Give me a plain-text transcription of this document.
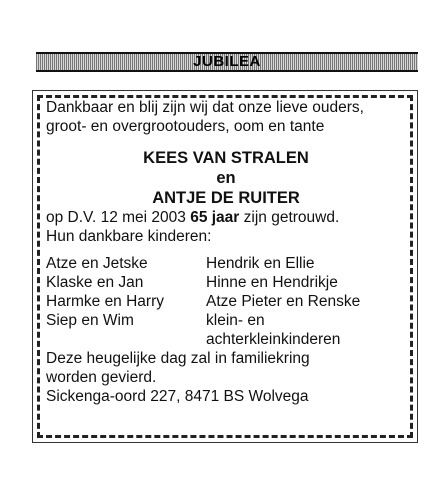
JUBILEA

Dankbaar en blij zijn wij dat onze lieve ouders,

groot- en overgrootouders, oom en tante

KEES VAN STRALEN
en
ANTJE DE RUITER

op D.V. 12 mei 2003 65 jaar zijn getrouwd.

Hun dankbare kinderen:

Atze en Jetske
Klaske en Jan
Harmke en Harry
Siep en Wim
Hendrik en Ellie
Hinne en Hendrikje
Atze Pieter en Renske
klein- en
achterkleinkinderen

Deze heugelijke dag zal in familiekring

worden gevierd.

Sickenga-oord 227, 8471 BS Wolvega
